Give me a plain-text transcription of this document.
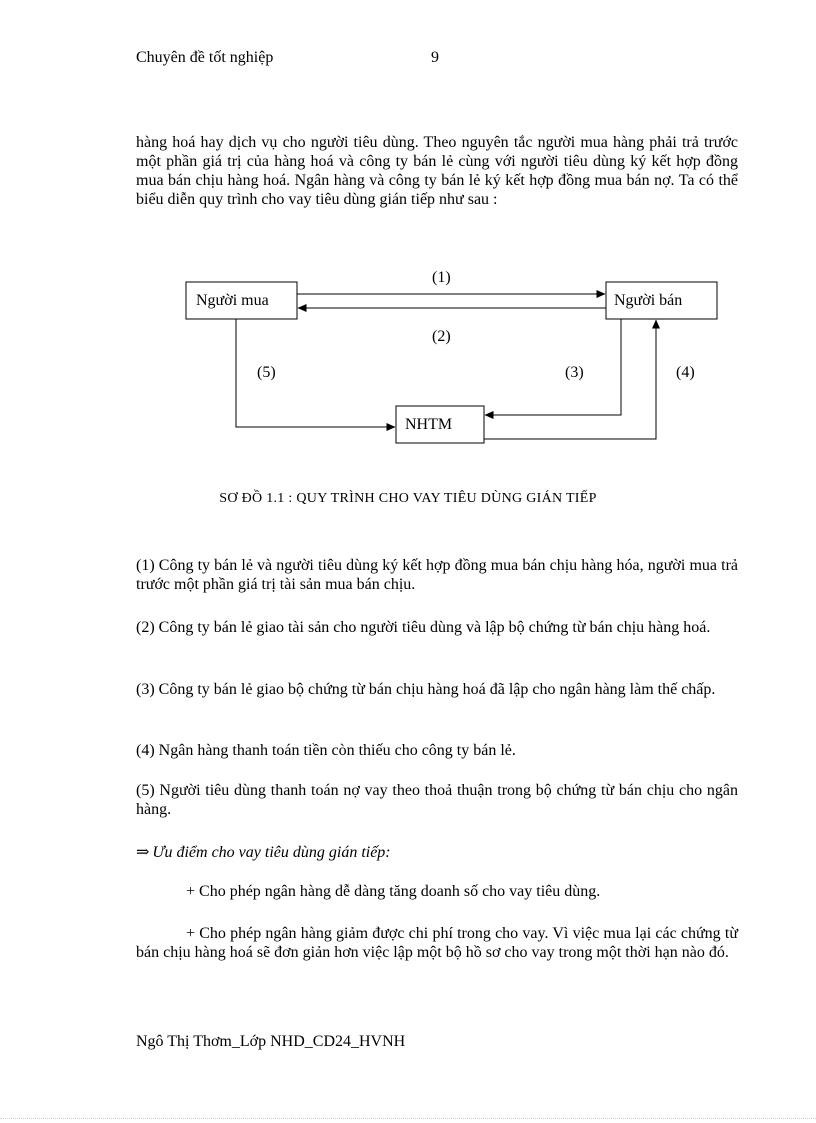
Chuyên đề tốt nghiệp	9

hàng hoá hay dịch vụ cho người tiêu dùng. Theo nguyên tắc người mua hàng phải trả trước một phần giá trị của hàng hoá và công ty bán lẻ cùng với người tiêu dùng ký kết hợp đồng mua bán chịu hàng hoá. Ngân hàng và công ty bán lẻ ký kết hợp đồng mua bán nợ. Ta có thể biểu diễn quy trình cho vay tiêu dùng gián tiếp như sau :

Người mua	Người bán
NHTM
(1)
(2)
(5)	(3)	(4)
SƠ ĐỒ 1.1 : QUY TRÌNH CHO VAY TIÊU DÙNG GIÁN TIẾP

(1) Công ty bán lẻ và người tiêu dùng ký kết hợp đồng mua bán chịu hàng hóa, người mua trả trước một phần giá trị tài sản mua bán chịu.

(2) Công ty bán lẻ giao tài sản cho người tiêu dùng và lập bộ chứng từ bán chịu hàng hoá.

(3) Công ty bán lẻ giao bộ chứng từ bán chịu hàng hoá đã lập cho ngân hàng làm thế chấp.

(4) Ngân hàng thanh toán tiền còn thiếu cho công ty bán lẻ.

(5) Người tiêu dùng thanh toán nợ vay theo thoả thuận trong bộ chứng từ bán chịu cho ngân hàng.

⇒ Ưu điểm cho vay tiêu dùng gián tiếp:

+ Cho phép ngân hàng dễ dàng tăng doanh số cho vay tiêu dùng.

+ Cho phép ngân hàng giảm được chi phí trong cho vay. Vì việc mua lại các chứng từ bán chịu hàng hoá sẽ đơn giản hơn việc lập một bộ hồ sơ cho vay trong một thời hạn nào đó.

Ngô Thị Thơm_Lớp NHD_CD24_HVNH
